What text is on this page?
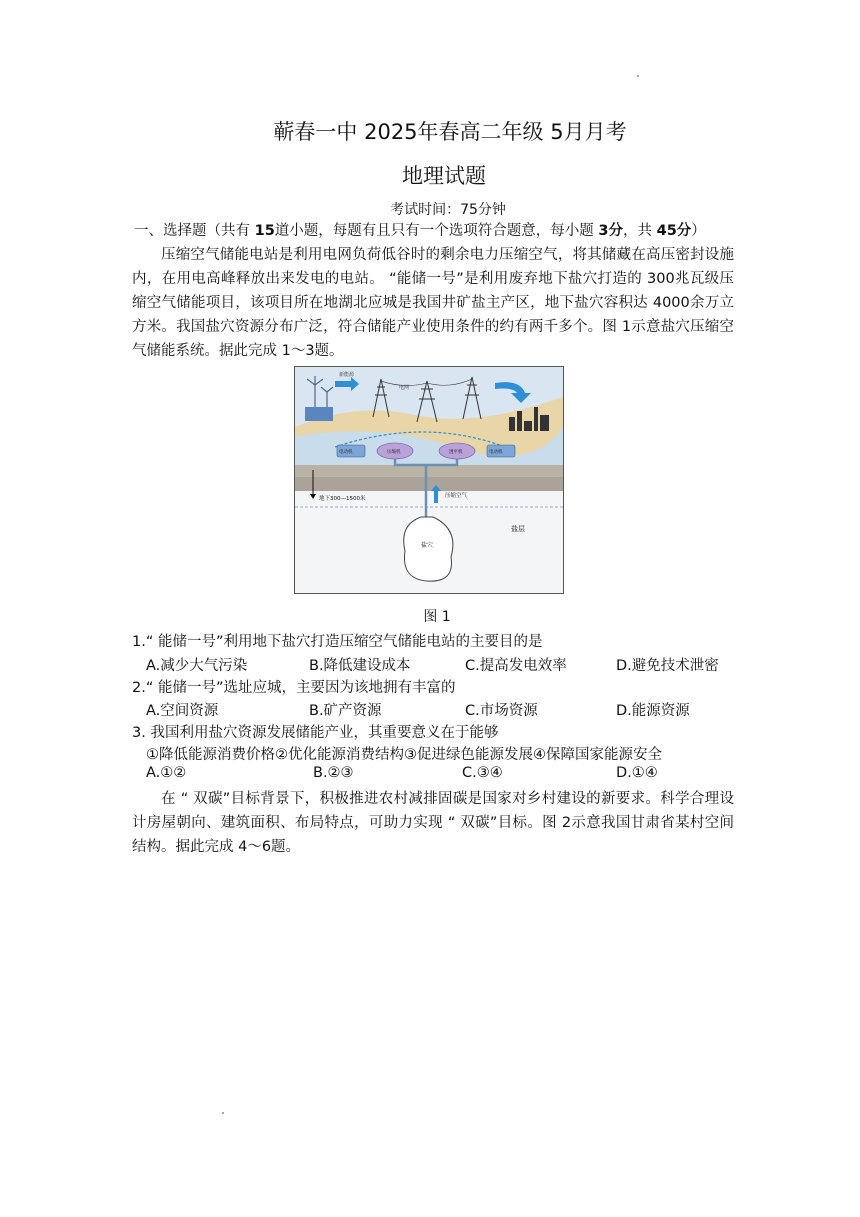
蕲春一中 2025年春高二年级 5月月考
地理试题
考试时间：75分钟
一、选择题（共有 15道小题，每题有且只有一个选项符合题意，每小题 3分，共 45分）
压缩空气储能电站是利用电网负荷低谷时的剩余电力压缩空气，将其储藏在高压密封设施内，在用电高峰释放出来发电的电站。 “能储一号”是利用废弃地下盐穴打造的 300兆瓦级压缩空气储能项目，该项目所在地湖北应城是我国井矿盐主产区，地下盐穴容积达 4000余万立方米。我国盐穴资源分布广泛，符合储能产业使用条件的约有两千多个。图 1示意盐穴压缩空气储能系统。据此完成 1～3题。
新能源
电网
电动机	压缩机	透平机	电动机
地下300—1500米	压缩空气
盐层
盐穴
图 1
1.“ 能储一号”利用地下盐穴打造压缩空气储能电站的主要目的是
A.减少大气污染	B.降低建设成本	C.提高发电效率	D.避免技术泄密
2.“ 能储一号”选址应城，主要因为该地拥有丰富的
A.空间资源	B.矿产资源	C.市场资源	D.能源资源
3. 我国利用盐穴资源发展储能产业，其重要意义在于能够
①降低能源消费价格②优化能源消费结构③促进绿色能源发展④保障国家能源安全
A.①②	B.②③	C.③④	D.①④
在 “ 双碳”目标背景下，积极推进农村减排固碳是国家对乡村建设的新要求。科学合理设计房屋朝向、建筑面积、布局特点，可助力实现 “ 双碳”目标。图 2示意我国甘肃省某村空间结构。据此完成 4～6题。
